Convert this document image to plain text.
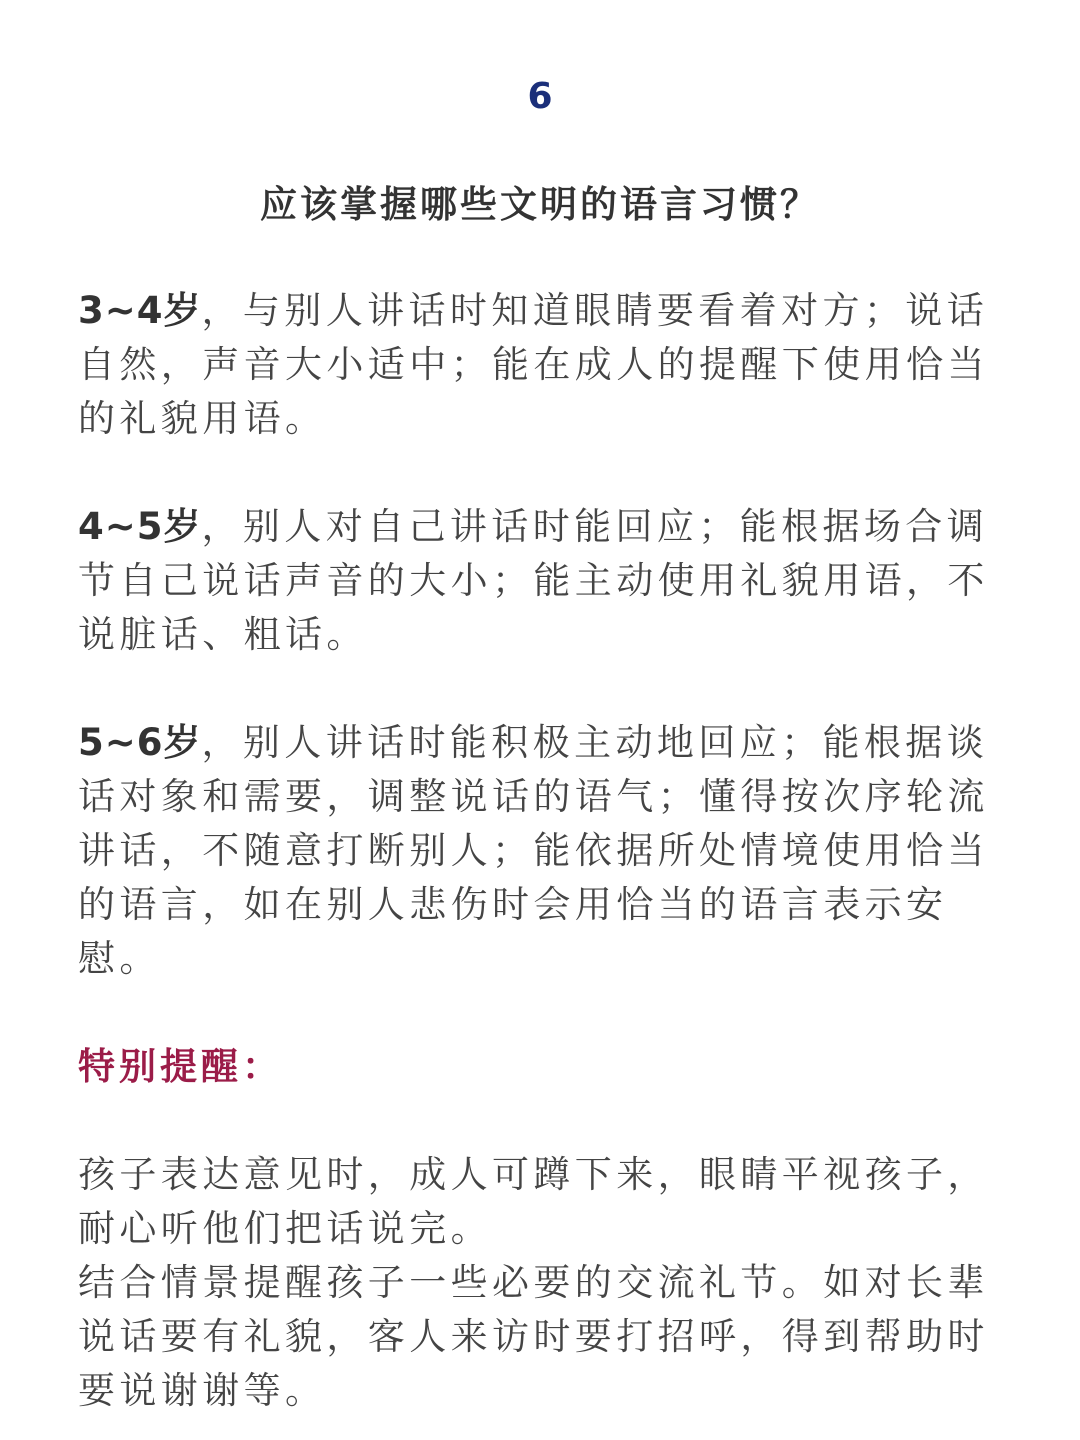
6
应该掌握哪些文明的语言习惯？

3~4岁，与别人讲话时知道眼睛要看着对方；说话自然，声音大小适中；能在成人的提醒下使用恰当的礼貌用语。

4~5岁，别人对自己讲话时能回应；能根据场合调节自己说话声音的大小；能主动使用礼貌用语，不说脏话、粗话。

5~6岁，别人讲话时能积极主动地回应；能根据谈话对象和需要，调整说话的语气；懂得按次序轮流讲话，不随意打断别人；能依据所处情境使用恰当的语言，如在别人悲伤时会用恰当的语言表示安慰。

特别提醒：

孩子表达意见时，成人可蹲下来，眼睛平视孩子，耐心听他们把话说完。

结合情景提醒孩子一些必要的交流礼节。如对长辈说话要有礼貌，客人来访时要打招呼，得到帮助时要说谢谢等。
